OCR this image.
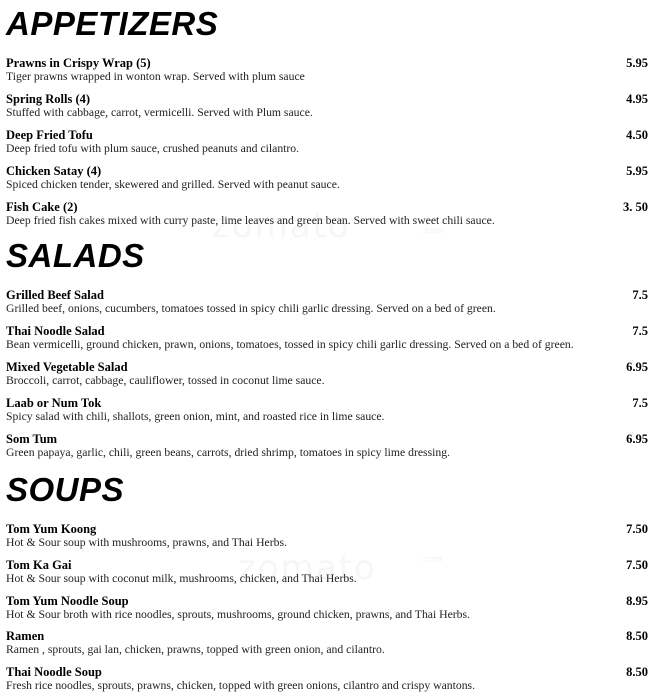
.com
.com
APPETIZERS
Prawns in Crispy Wrap (5)	5.95
Tiger prawns wrapped in wonton wrap. Served with plum sauce
Spring Rolls (4)	4.95
Stuffed with cabbage, carrot, vermicelli. Served with Plum sauce.
Deep Fried Tofu	4.50
Deep fried tofu with plum sauce, crushed peanuts and cilantro.
Chicken Satay (4)	5.95
Spiced chicken tender, skewered and grilled. Served with peanut sauce.
Fish Cake (2)	3. 50
Deep fried fish cakes mixed with curry paste, lime leaves and green bean. Served with sweet chili sauce.
SALADS
Grilled Beef Salad	7.5
Grilled beef, onions, cucumbers, tomatoes tossed in spicy chili garlic dressing. Served on a bed of green.
Thai Noodle Salad	7.5
Bean vermicelli, ground chicken, prawn, onions, tomatoes, tossed in spicy chili garlic dressing. Served on a bed of green.
Mixed Vegetable Salad	6.95
Broccoli, carrot, cabbage, cauliflower, tossed in coconut lime sauce.
Laab or Num Tok	7.5
Spicy salad with chili, shallots, green onion, mint, and roasted rice in lime sauce.
Som Tum	6.95
Green papaya, garlic, chili, green beans, carrots, dried shrimp, tomatoes in spicy lime dressing.
SOUPS
Tom Yum Koong	7.50
Hot & Sour soup with mushrooms, prawns, and Thai Herbs.
Tom Ka Gai	7.50
Hot & Sour soup with coconut milk, mushrooms, chicken, and Thai Herbs.
Tom Yum Noodle Soup	8.95
Hot & Sour broth with rice noodles, sprouts, mushrooms, ground chicken, prawns, and Thai Herbs.
Ramen	8.50
Ramen , sprouts, gai lan, chicken, prawns, topped with green onion, and cilantro.
Thai Noodle Soup	8.50
Fresh rice noodles, sprouts, prawns, chicken, topped with green onions, cilantro and crispy wantons.
